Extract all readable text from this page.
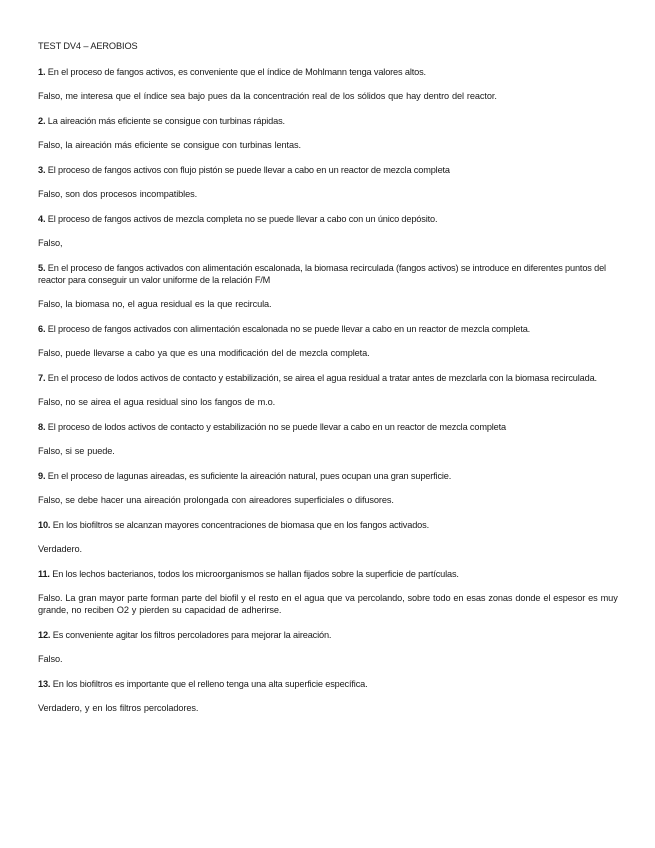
TEST DV4 – AEROBIOS

1. En el proceso de fangos activos, es conveniente que el índice de Mohlmann tenga valores altos.

Falso, me interesa que el índice sea bajo pues da la concentración real de los sólidos que hay dentro del reactor.

2. La aireación más eficiente se consigue con turbinas rápidas.

Falso, la aireación más eficiente se consigue con turbinas lentas.

3. El proceso de fangos activos con flujo pistón se puede llevar a cabo en un reactor de mezcla completa

Falso, son dos procesos incompatibles.

4. El proceso de fangos activos de mezcla completa no se puede llevar a cabo con un único depósito.

Falso,

5. En el proceso de fangos activados con alimentación escalonada, la biomasa recirculada (fangos activos) se introduce en diferentes puntos del reactor para conseguir un valor uniforme de la relación F/M

Falso, la biomasa no, el agua residual es la que recircula.

6. El proceso de fangos activados con alimentación escalonada no se puede llevar a cabo en un reactor de mezcla completa.

Falso, puede llevarse a cabo ya que es una modificación del de mezcla completa.

7. En el proceso de lodos activos de contacto y estabilización, se airea el agua residual a tratar antes de mezclarla con la biomasa recirculada.

Falso, no se airea el agua residual sino los fangos de m.o.

8. El proceso de lodos activos de contacto y estabilización no se puede llevar a cabo en un reactor de mezcla completa

Falso, si se puede.

9. En el proceso de lagunas aireadas, es suficiente la aireación natural, pues ocupan una gran superficie.

Falso, se debe hacer una aireación prolongada con aireadores superficiales o difusores.

10. En los biofiltros se alcanzan mayores concentraciones de biomasa que en los fangos activados.

Verdadero.

11. En los lechos bacterianos, todos los microorganismos se hallan fijados sobre la superficie de partículas.

Falso. La gran mayor parte forman parte del biofil y el resto en el agua que va percolando, sobre todo en esas zonas donde el espesor es muy grande, no reciben O2 y pierden su capacidad de adherirse.

12. Es conveniente agitar los filtros percoladores para mejorar la aireación.

Falso.

13. En los biofiltros es importante que el relleno tenga una alta superficie específica.

Verdadero, y en los filtros percoladores.
